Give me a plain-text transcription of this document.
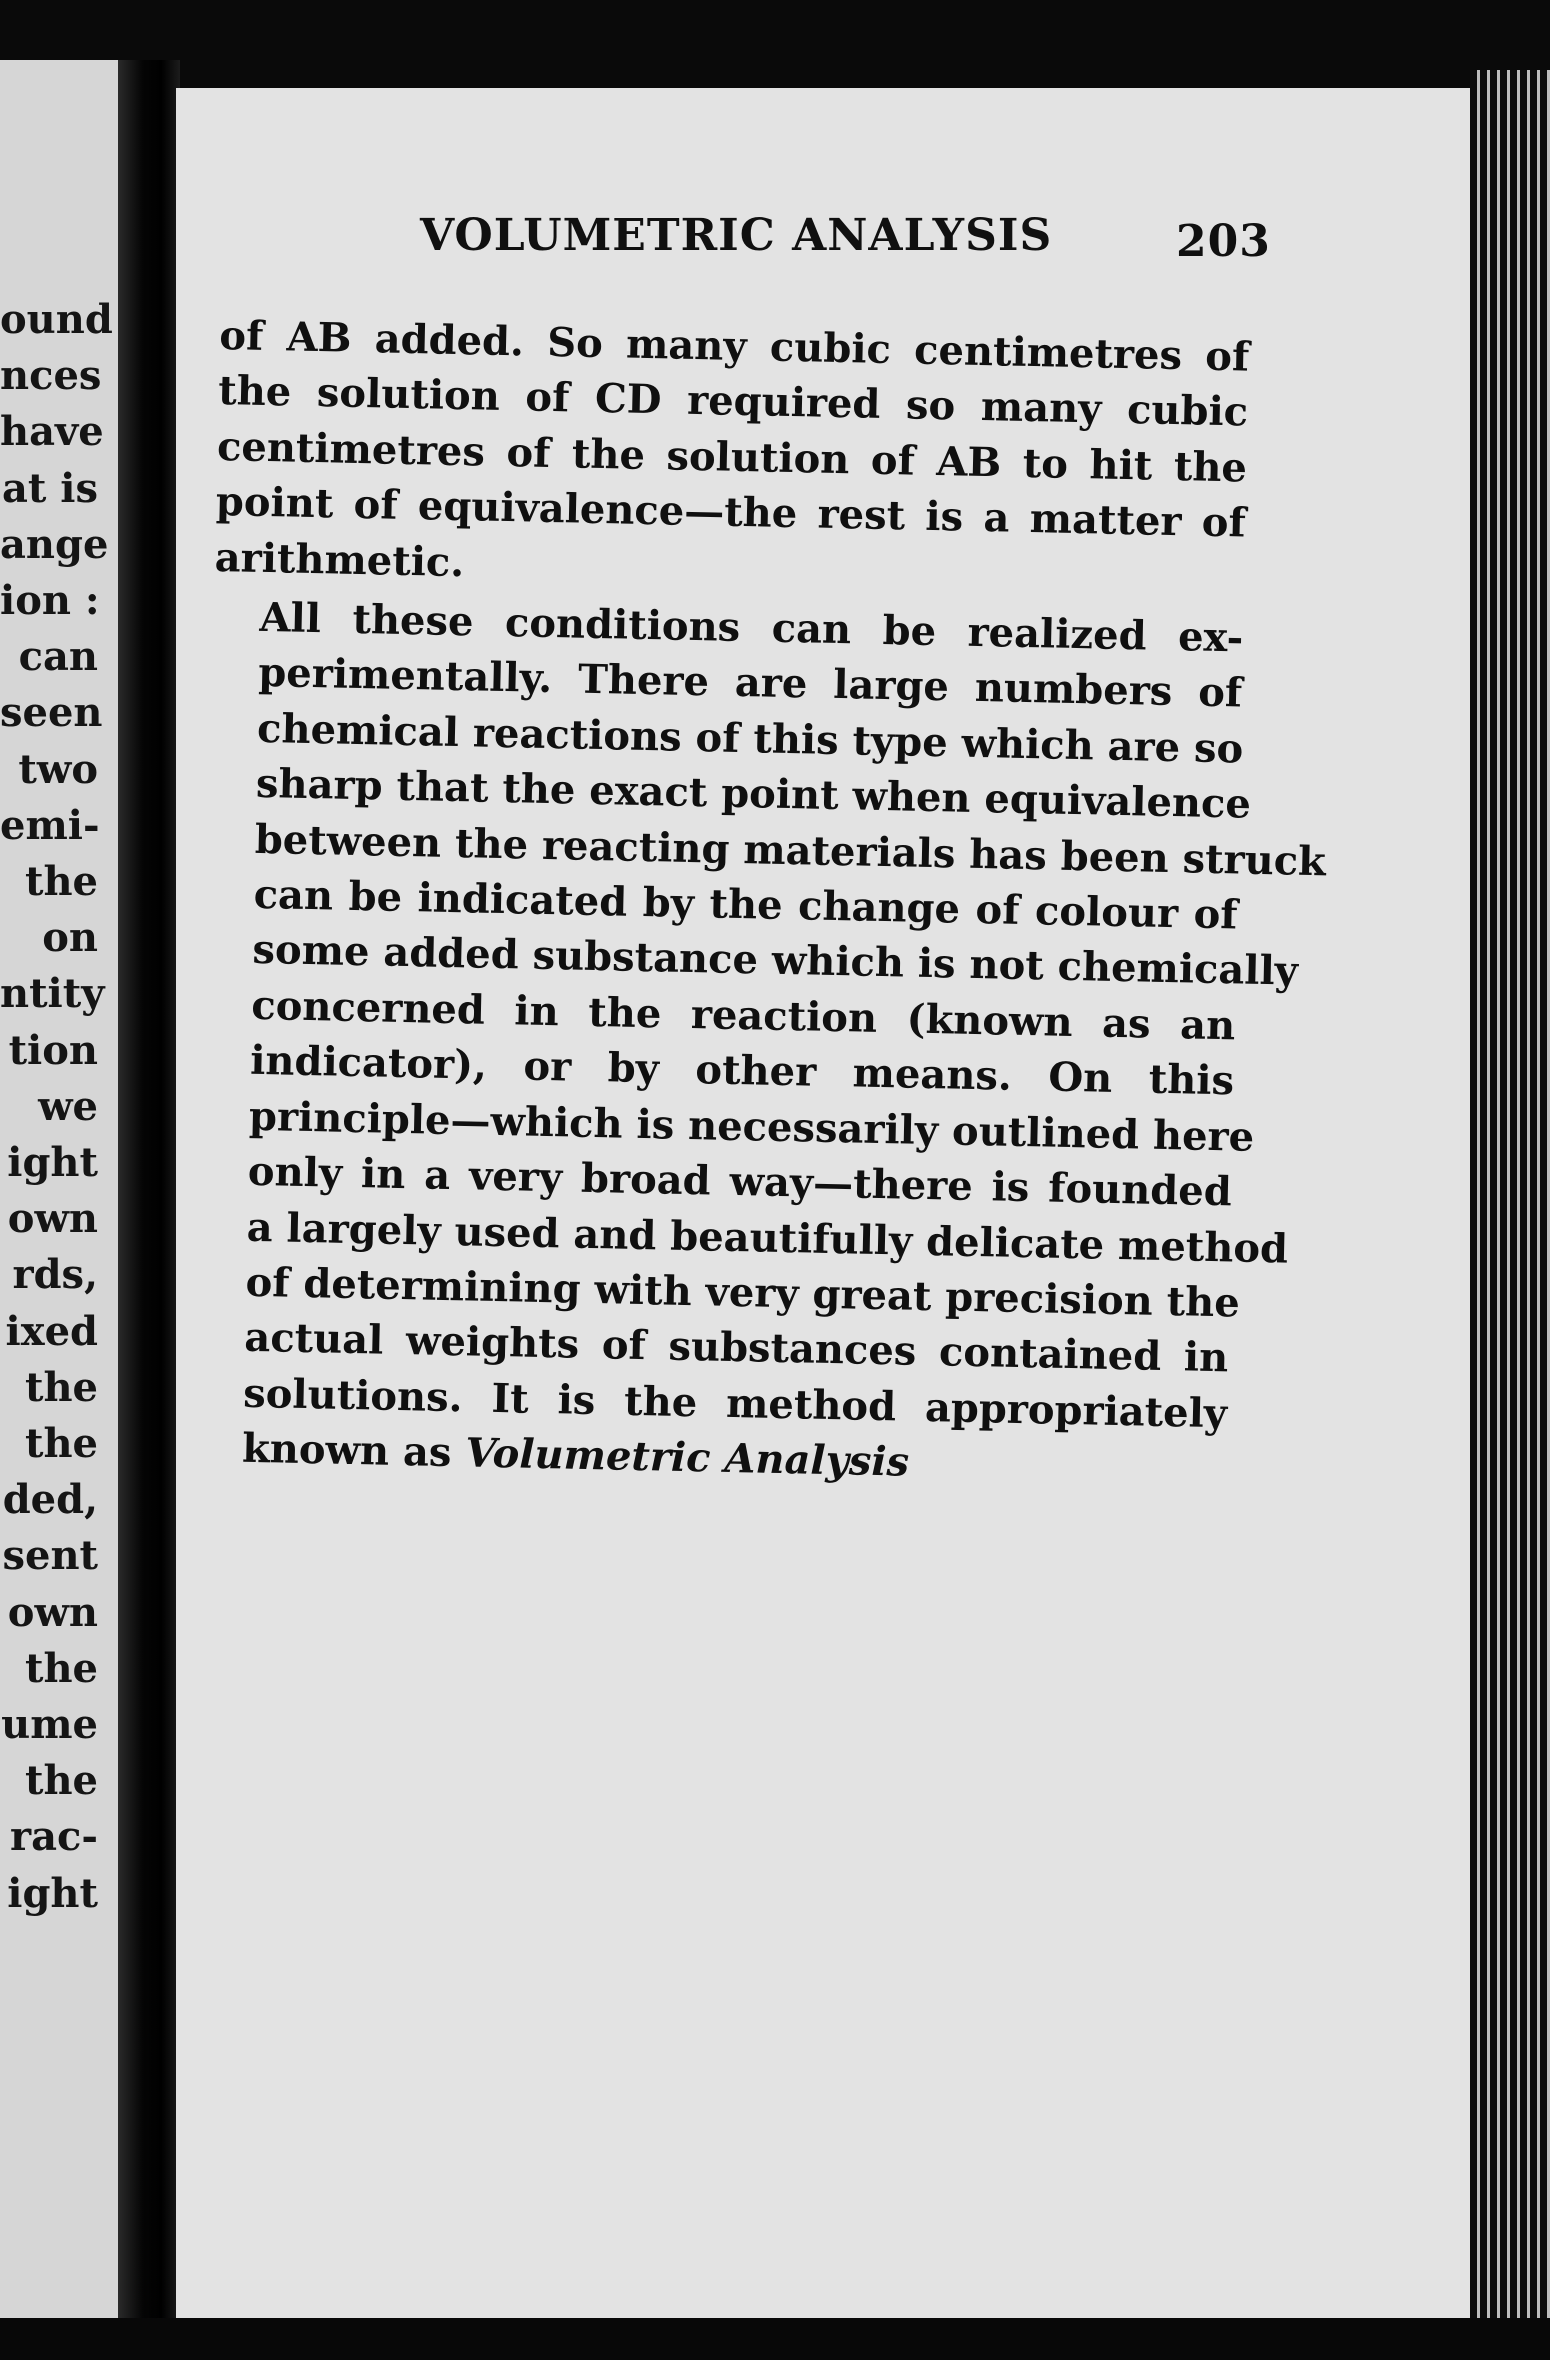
ound
nces
have
at is
ange
ion :
can
seen
two
emi-
the
on
ntity
tion
we
ight
own
rds,
ixed
the
the
ded,
sent
own
the
ume
the
rac-
ight
VOLUMETRIC ANALYSIS	203

of AB added. So many cubic centimetres of
the solution of CD required so many cubic
centimetres of the solution of AB to hit the
point of equivalence—the rest is a matter of
arithmetic.

All these conditions can be realized ex-
perimentally. There are large numbers of
chemical reactions of this type which are so
sharp that the exact point when equivalence
between the reacting materials has been struck
can be indicated by the change of colour of
some added substance which is not chemically
concerned in the reaction (known as an
indicator), or by other means. On this
principle—which is necessarily outlined here
only in a very broad way—there is founded
a largely used and beautifully delicate method
of determining with very great precision the
actual weights of substances contained in
solutions. It is the method appropriately
known as Volumetric Analysis
